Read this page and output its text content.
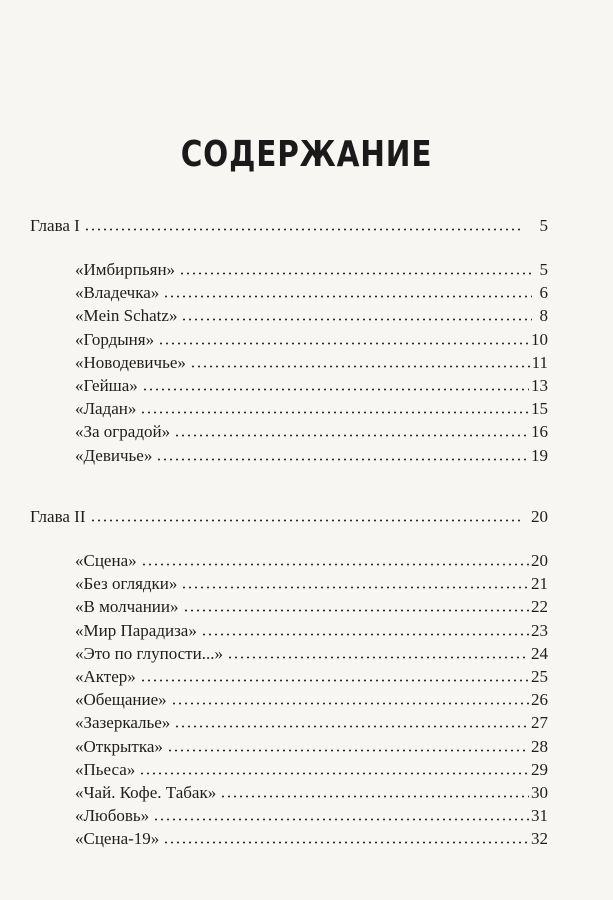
СОДЕРЖАНИЕ
Глава I	5
«Имбирпьян»	5
«Владечка»	6
«Mein Schatz»	8
«Гордыня»	10
«Новодевичье»	11
«Гейша»	13
«Ладан»	15
«За оградой»	16
«Девичье»	19
Глава II	20
«Сцена»	20
«Без оглядки»	21
«В молчании»	22
«Мир Парадиза»	23
«Это по глупости...»	24
«Актер»	25
«Обещание»	26
«Зазеркалье»	27
«Открытка»	28
«Пьеса»	29
«Чай. Кофе. Табак»	30
«Любовь»	31
«Сцена-19»	32
